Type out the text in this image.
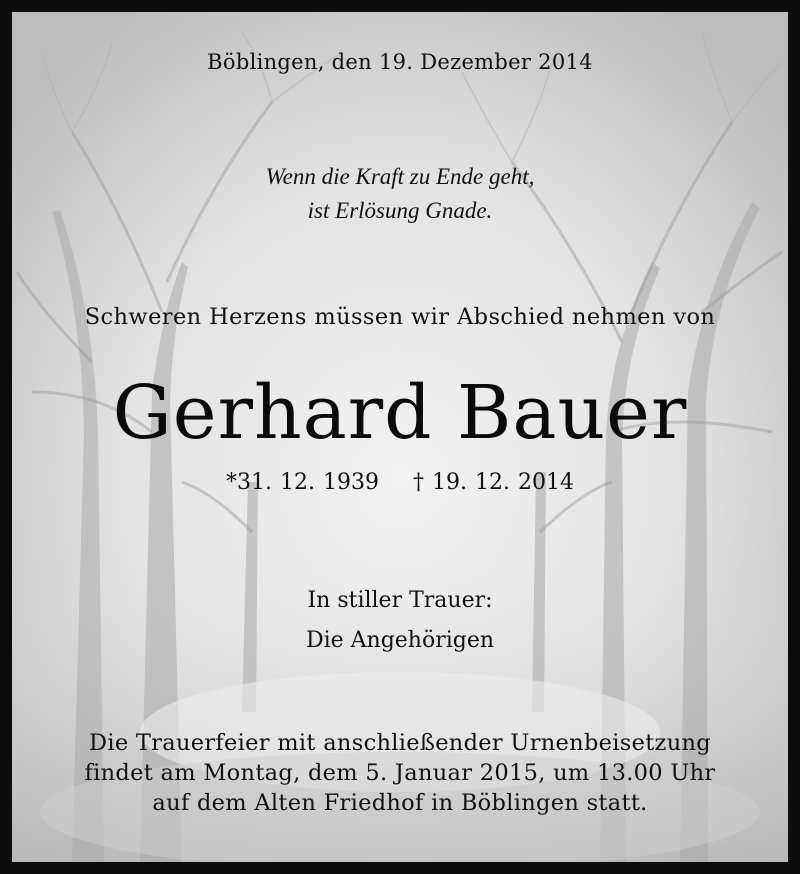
Böblingen, den 19. Dezember 2014
Wenn die Kraft zu Ende geht,
ist Erlösung Gnade.
Schweren Herzens müssen wir Abschied nehmen von
Gerhard Bauer
*31. 12. 1939 † 19. 12. 2014
In stiller Trauer:
Die Angehörigen
Die Trauerfeier mit anschließender Urnenbeisetzung
findet am Montag, dem 5. Januar 2015, um 13.00 Uhr
auf dem Alten Friedhof in Böblingen statt.
